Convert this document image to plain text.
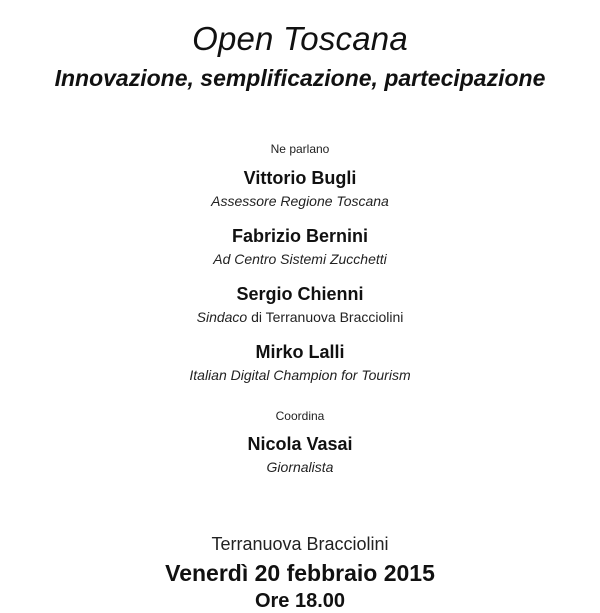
Open Toscana
Innovazione, semplificazione, partecipazione
Ne parlano
Vittorio Bugli
Assessore Regione Toscana
Fabrizio Bernini
Ad Centro Sistemi Zucchetti
Sergio Chienni
Sindaco di Terranuova Bracciolini
Mirko Lalli
Italian Digital Champion for Tourism
Coordina
Nicola Vasai
Giornalista
Terranuova Bracciolini
Venerdì 20 febbraio 2015
Ore 18.00
